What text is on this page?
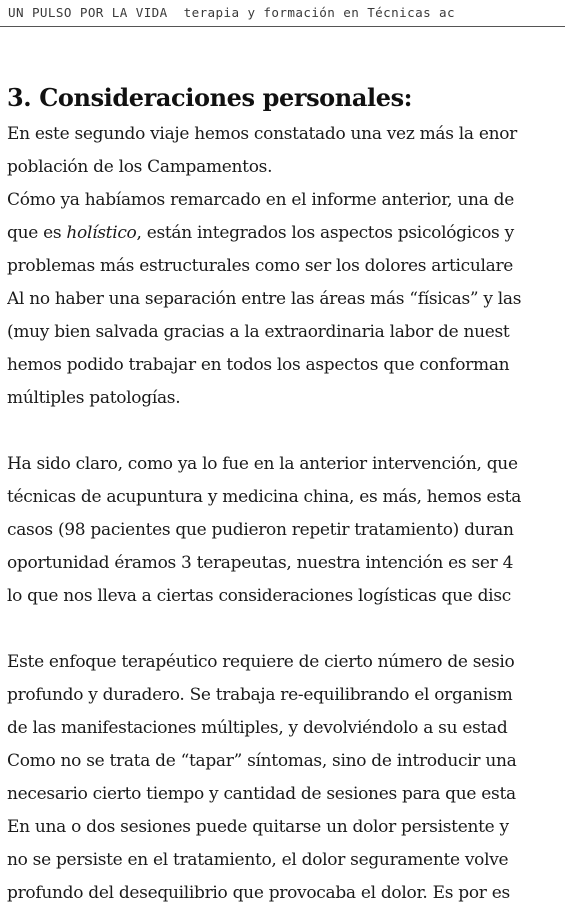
UN PULSO POR LA VIDA  terapia y formación en Técnicas ac

3. Consideraciones personales:
En este segundo viaje hemos constatado una vez más la enor
población de los Campamentos.
Cómo ya habíamos remarcado en el informe anterior, una de
que es holístico, están integrados los aspectos psicológicos y
problemas más estructurales como ser los dolores articulare
Al no haber una separación entre las áreas más “físicas” y las
(muy bien salvada gracias a la extraordinaria labor de nuest
hemos podido trabajar en todos los aspectos que conforman
múltiples patologías.
Ha sido claro, como ya lo fue en la anterior intervención, que
técnicas de acupuntura y medicina china, es más, hemos esta
casos (98 pacientes que pudieron repetir tratamiento) duran
oportunidad éramos 3 terapeutas, nuestra intención es ser 4
lo que nos lleva a ciertas consideraciones logísticas que disc
Este enfoque terapéutico requiere de cierto número de sesio
profundo y duradero. Se trabaja re-equilibrando el organism
de las manifestaciones múltiples, y devolviéndolo a su estad
Como no se trata de “tapar” síntomas, sino de introducir una
necesario cierto tiempo y cantidad de sesiones para que esta
En una o dos sesiones puede quitarse un dolor persistente y
no se persiste en el tratamiento, el dolor seguramente volve
profundo del desequilibrio que provocaba el dolor. Es por es
